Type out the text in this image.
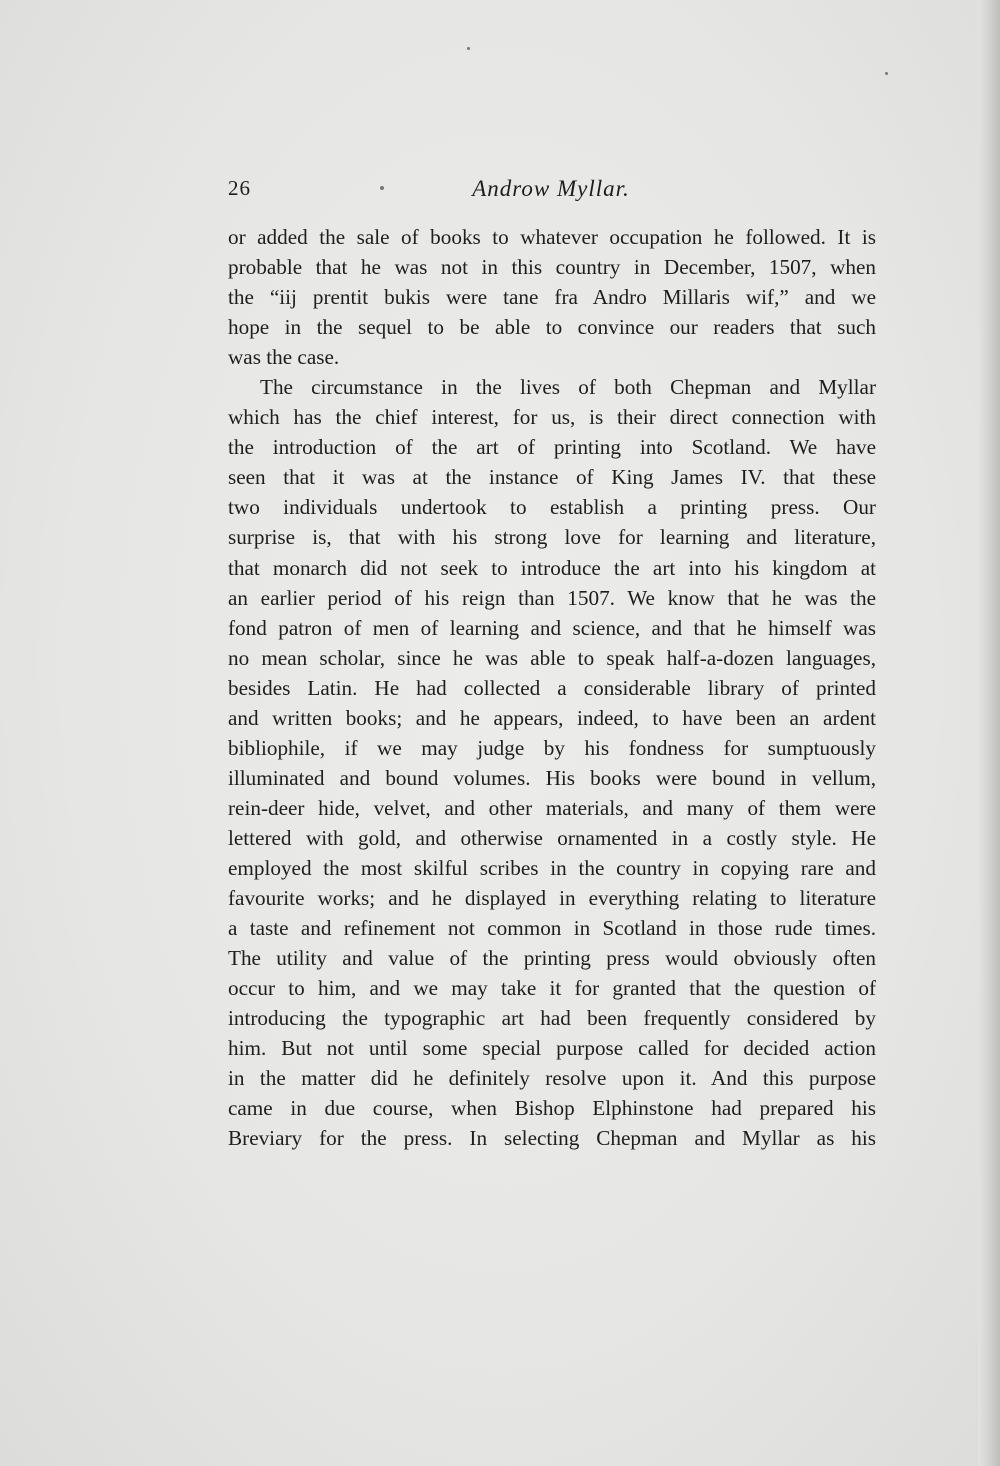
26	Androw Myllar.
or added the sale of books to whatever occupation he followed. It is
probable that he was not in this country in December, 1507, when
the “iij prentit bukis were tane fra Andro Millaris wif,” and we
hope in the sequel to be able to convince our readers that such
was the case.
The circumstance in the lives of both Chepman and Myllar
which has the chief interest, for us, is their direct connection with
the introduction of the art of printing into Scotland. We have
seen that it was at the instance of King James IV. that these
two individuals undertook to establish a printing press. Our
surprise is, that with his strong love for learning and literature,
that monarch did not seek to introduce the art into his kingdom at
an earlier period of his reign than 1507. We know that he was the
fond patron of men of learning and science, and that he himself was
no mean scholar, since he was able to speak half-a-dozen languages,
besides Latin. He had collected a considerable library of printed
and written books; and he appears, indeed, to have been an ardent
bibliophile, if we may judge by his fondness for sumptuously
illuminated and bound volumes. His books were bound in vellum,
rein-deer hide, velvet, and other materials, and many of them were
lettered with gold, and otherwise ornamented in a costly style. He
employed the most skilful scribes in the country in copying rare and
favourite works; and he displayed in everything relating to literature
a taste and refinement not common in Scotland in those rude times.
The utility and value of the printing press would obviously often
occur to him, and we may take it for granted that the question of
introducing the typographic art had been frequently considered by
him. But not until some special purpose called for decided action
in the matter did he definitely resolve upon it. And this purpose
came in due course, when Bishop Elphinstone had prepared his
Breviary for the press. In selecting Chepman and Myllar as his
